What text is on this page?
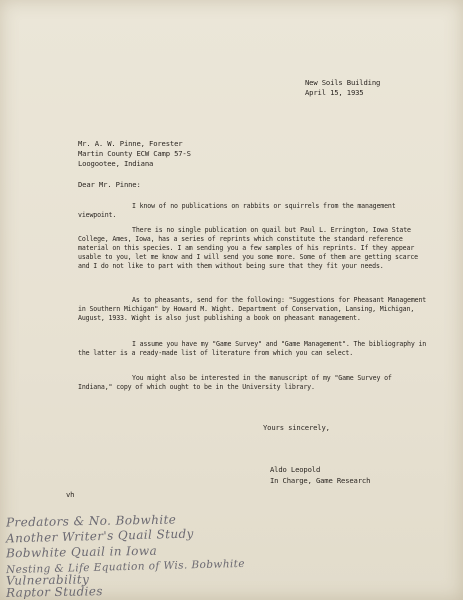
New Soils Building
April 15, 1935
Mr. A. W. Pinne, Forester
Martin County ECW Camp 57-S
Loogootee, Indiana
Dear Mr. Pinne:
I know of no publications on rabbits or squirrels from the management viewpoint.
There is no single publication on quail but Paul L. Errington, Iowa State College, Ames, Iowa, has a series of reprints which constitute the standard reference material on this species. I am sending you a few samples of his reprints. If they appear usable to you, let me know and I will send you some more. Some of them are getting scarce and I do not like to part with them without being sure that they fit your needs.
As to pheasants, send for the following: "Suggestions for Pheasant Management in Southern Michigan" by Howard M. Wight. Department of Conservation, Lansing, Michigan, August, 1933. Wight is also just publishing a book on pheasant management.
I assume you have my "Game Survey" and "Game Management". The bibliography in the latter is a ready-made list of literature from which you can select.
You might also be interested in the manuscript of my "Game Survey of Indiana," copy of which ought to be in the University library.
Yours sincerely,
Aldo Leopold
In Charge, Game Research
vh
Predators & No. Bobwhite
Another Writer's Quail Study
Bobwhite Quail in Iowa
Nesting & Life Equation of Wis. Bobwhite
Vulnerability
Raptor Studies
